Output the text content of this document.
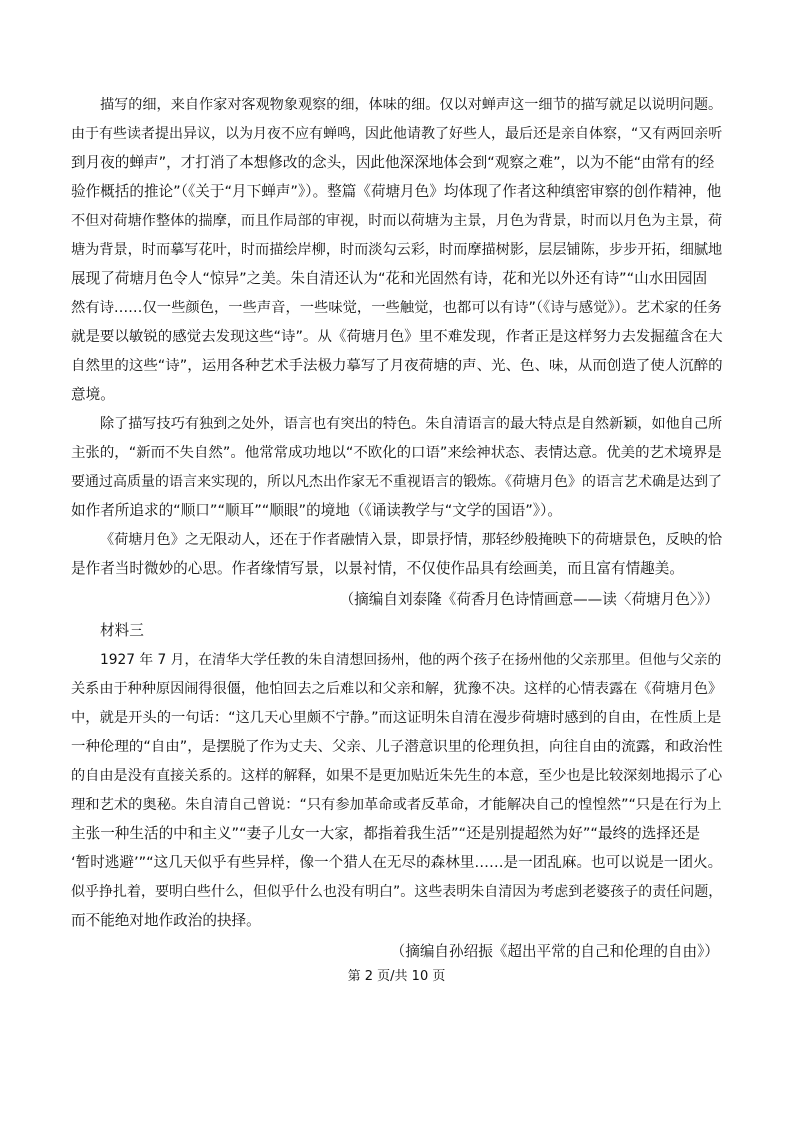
描写的细，来自作家对客观物象观察的细，体味的细。仅以对蝉声这一细节的描写就足以说明问题。
由于有些读者提出异议，以为月夜不应有蝉鸣，因此他请教了好些人，最后还是亲自体察，“又有两回亲听
到月夜的蝉声”，才打消了本想修改的念头，因此他深深地体会到“观察之难”，以为不能“由常有的经
验作概括的推论”（《关于“月下蝉声”》）。整篇《荷塘月色》均体现了作者这种缜密审察的创作精神，他
不但对荷塘作整体的揣摩，而且作局部的审视，时而以荷塘为主景，月色为背景，时而以月色为主景，荷
塘为背景，时而摹写花叶，时而描绘岸柳，时而淡勾云彩，时而摩描树影，层层铺陈，步步开拓，细腻地
展现了荷塘月色令人“惊异”之美。朱自清还认为“花和光固然有诗，花和光以外还有诗”“山水田园固
然有诗……仅一些颜色，一些声音，一些味觉，一些触觉，也都可以有诗”（《诗与感觉》）。艺术家的任务
就是要以敏锐的感觉去发现这些“诗”。从《荷塘月色》里不难发现，作者正是这样努力去发掘蕴含在大
自然里的这些“诗”，运用各种艺术手法极力摹写了月夜荷塘的声、光、色、味，从而创造了使人沉醉的
意境。
除了描写技巧有独到之处外，语言也有突出的特色。朱自清语言的最大特点是自然新颖，如他自己所
主张的，“新而不失自然”。他常常成功地以“不欧化的口语”来绘神状态、表情达意。优美的艺术境界是
要通过高质量的语言来实现的，所以凡杰出作家无不重视语言的锻炼。《荷塘月色》的语言艺术确是达到了
如作者所追求的“顺口”“顺耳”“顺眼”的境地（《诵读教学与“文学的国语”》）。
《荷塘月色》之无限动人，还在于作者融情入景，即景抒情，那轻纱般掩映下的荷塘景色，反映的恰
是作者当时微妙的心思。作者缘情写景，以景衬情，不仅使作品具有绘画美，而且富有情趣美。
（摘编自刘泰隆《荷香月色诗情画意——读〈荷塘月色〉》）
材料三
1927 年 7 月，在清华大学任教的朱自清想回扬州，他的两个孩子在扬州他的父亲那里。但他与父亲的
关系由于种种原因闹得很僵，他怕回去之后难以和父亲和解，犹豫不决。这样的心情表露在《荷塘月色》
中，就是开头的一句话：“这几天心里颇不宁静。”而这证明朱自清在漫步荷塘时感到的自由，在性质上是
一种伦理的“自由”，是摆脱了作为丈夫、父亲、儿子潜意识里的伦理负担，向往自由的流露，和政治性
的自由是没有直接关系的。这样的解释，如果不是更加贴近朱先生的本意，至少也是比较深刻地揭示了心
理和艺术的奥秘。朱自清自己曾说：“只有参加革命或者反革命，才能解决自己的惶惶然”“只是在行为上
主张一种生活的中和主义”“妻子儿女一大家，都指着我生活”“还是别提超然为好”“最终的选择还是
‘暂时逃避’”“这几天似乎有些异样，像一个猎人在无尽的森林里……是一团乱麻。也可以说是一团火。
似乎挣扎着，要明白些什么，但似乎什么也没有明白”。这些表明朱自清因为考虑到老婆孩子的责任问题，
而不能绝对地作政治的抉择。
（摘编自孙绍振《超出平常的自己和伦理的自由》）
第 2 页/共 10 页
